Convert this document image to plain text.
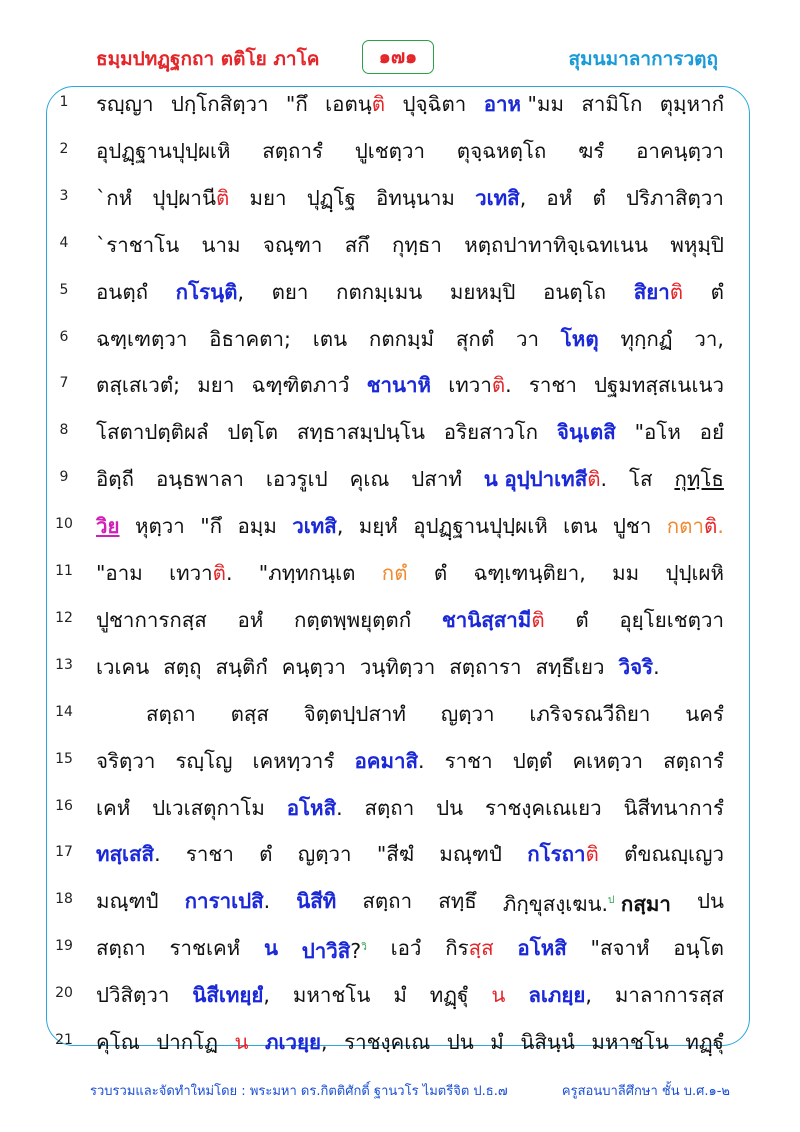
ธมฺมปทฏฺฐกถา ตติโย ภาโค	๑๗๑	สุมนมาลาการวตฺถุ
1	รญฺญา ปกฺโกสิตฺวา "กึ เอตนฺติ ปุจฺฉิตา อาห "มม สามิโก ตุมฺหากํ
2	อุปฏฺฐานปุปฺผเหิ สตฺถารํ ปูเชตฺวา ตุจฺฉหตฺโถ ฆรํ อาคนฺตฺวา
3	`กหํ ปุปฺผานีติ มยา ปุฏฺโฐ อิทนฺนาม วเทสิ, อหํ ตํ ปริภาสิตฺวา
4	`ราชาโน นาม จณฺฑา สกึ กุทฺธา หตฺถปาทาทิจฺเฉทเนน พหุมฺปิ
5	อนตฺถํ กโรนฺติ, ตยา กตกมฺเมน มยหมฺปิ อนตฺโถ สิยาติ ตํ
6	ฉฑฺเฑตฺวา อิธาคตา; เตน กตกมฺมํ สุกตํ วา โหตุ ทุกฺกฏํ วา,
7	ตสฺเสเวตํ; มยา ฉฑฺฑิตภาวํ ชานาหิ เทวาติ. ราชา ปฐมทสฺสเนเนว
8	โสตาปตฺติผลํ ปตฺโต สทฺธาสมฺปนฺโน อริยสาวโก จินฺเตสิ "อโห อยํ
9	อิตฺถี อนฺธพาลา เอวรูเป คุเณ ปสาทํ น อุปฺปาเทสีติ. โส กุทฺโธ
10	วิย หุตฺวา "กึ อมฺม วเทสิ, มยฺหํ อุปฏฺฐานปุปฺผเหิ เตน ปูชา กตาติ.
11	"อาม เทวาติ. "ภทฺทกนฺเต กตํ ตํ ฉฑฺเฑนฺติยา, มม ปุปฺเผหิ
12	ปูชาการกสฺส อหํ กตฺตพฺพยุตฺตกํ ชานิสฺสามีติ ตํ อุยฺโยเชตฺวา
13	เวเคน สตฺถุ สนฺติกํ คนฺตฺวา วนฺทิตฺวา สตฺถารา สทฺธึเยว วิจริ.
14	สตฺถา ตสฺส จิตฺตปฺปสาทํ ญตฺวา เภริจรณวีถิยา นครํ
15	จริตฺวา รญฺโญ เคหทฺวารํ อคมาสิ. ราชา ปตฺตํ คเหตฺวา สตฺถารํ
16	เคหํ ปเวเสตุกาโม อโหสิ. สตฺถา ปน ราชงฺคเณเยว นิสีทนาการํ
17	ทสฺเสสิ. ราชา ตํ ญตฺวา "สีฆํ มณฺฑปํ กโรถาติ ตํขณญฺเญว
18	มณฺฑปํ การาเปสิ. นิสีทิ สตฺถา สทฺธึ ภิกฺขุสงฺเฆน.$^ป$ กสฺมา ปน
19	สตฺถา ราชเคหํ น ปาวิสิ?$^{วิ}$ เอวํ กิรสฺส อโหสิ "สจาหํ อนฺโต
20	ปวิสิตฺวา นิสีเทยฺยํ, มหาชโน มํ ทฏฺฐุํ น ลเภยฺย, มาลาการสฺส
21	คุโณ ปากโฏ น ภเวยฺย, ราชงฺคเณ ปน มํ นิสินฺนํ มหาชโน ทฏฺฐุํ
รวบรวมและจัดทำใหม่โดย : พระมหา ดร.กิตติศักดิ์ ฐานวโร ไมตรีจิต ป.ธ.๗	ครูสอนบาลีศึกษา ชั้น บ.ศ.๑-๒
